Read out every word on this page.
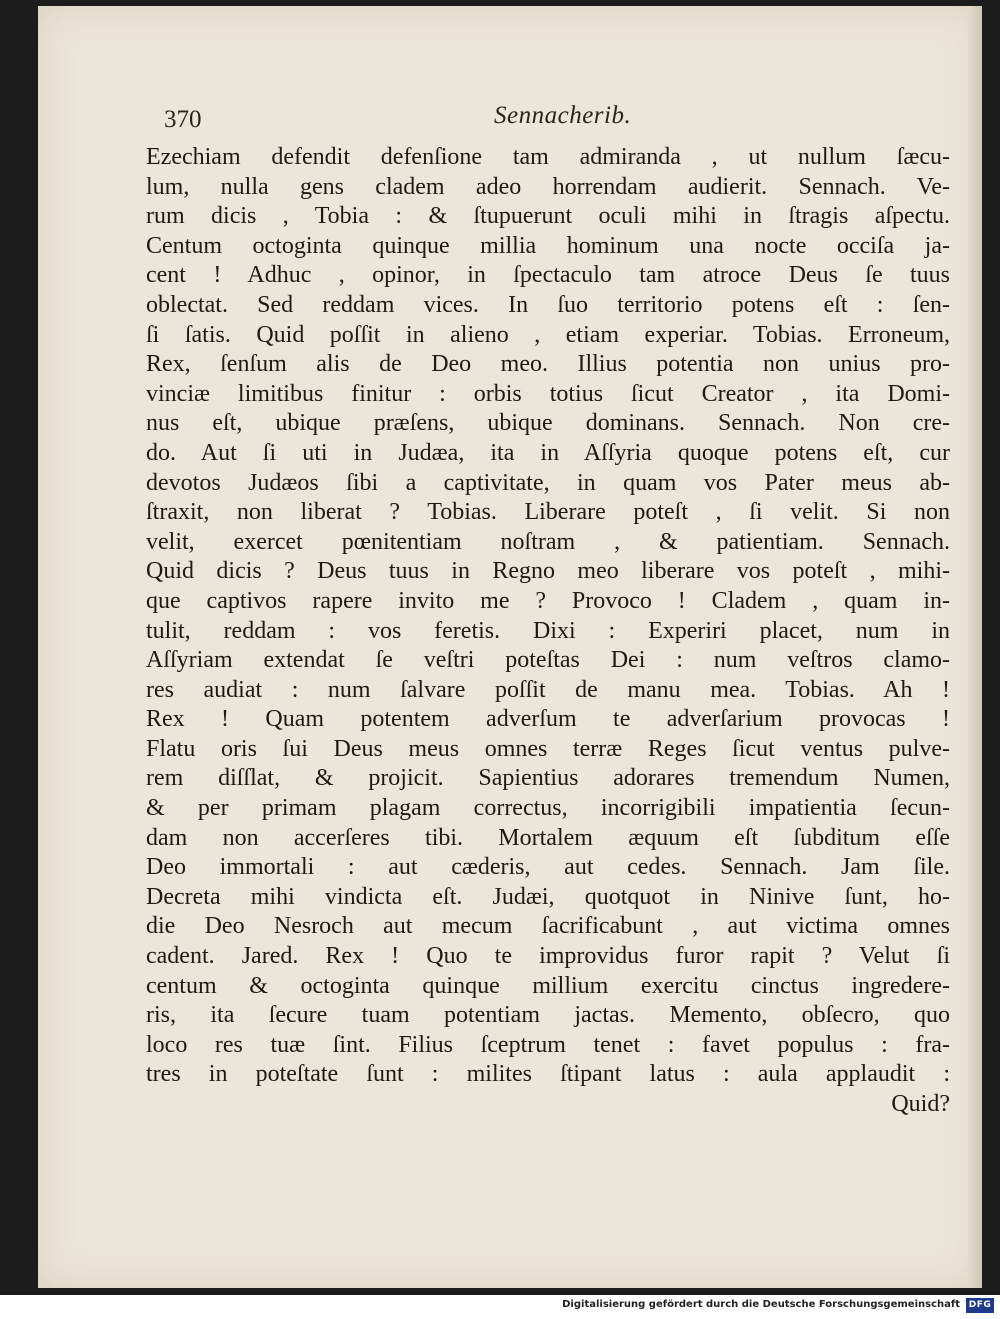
370	Sennacherib.
Ezechiam defendit defenſione tam admiranda , ut nullum ſæcu-
lum, nulla gens cladem adeo horrendam audierit. Sennach. Ve-
rum dicis , Tobia : & ſtupuerunt oculi mihi in ſtragis aſpectu.
Centum octoginta quinque millia hominum una nocte occiſa ja-
cent ! Adhuc , opinor, in ſpectaculo tam atroce Deus ſe tuus
oblectat. Sed reddam vices. In ſuo territorio potens eſt : ſen-
ſi ſatis. Quid poſſit in alieno , etiam experiar. Tobias. Erroneum,
Rex, ſenſum alis de Deo meo. Illius potentia non unius pro-
vinciæ limitibus finitur : orbis totius ſicut Creator , ita Domi-
nus eſt, ubique præſens, ubique dominans. Sennach. Non cre-
do. Aut ſi uti in Judæa, ita in Aſſyria quoque potens eſt, cur
devotos Judæos ſibi a captivitate, in quam vos Pater meus ab-
ſtraxit, non liberat ? Tobias. Liberare poteſt , ſi velit. Si non
velit, exercet pœnitentiam noſtram , & patientiam. Sennach.
Quid dicis ? Deus tuus in Regno meo liberare vos poteſt , mihi-
que captivos rapere invito me ? Provoco ! Cladem , quam in-
tulit, reddam : vos feretis. Dixi : Experiri placet, num in
Aſſyriam extendat ſe veſtri poteſtas Dei : num veſtros clamo-
res audiat : num ſalvare poſſit de manu mea. Tobias. Ah !
Rex ! Quam potentem adverſum te adverſarium provocas !
Flatu oris ſui Deus meus omnes terræ Reges ſicut ventus pulve-
rem diſſlat, & projicit. Sapientius adorares tremendum Numen,
& per primam plagam correctus, incorrigibili impatientia ſecun-
dam non accerſeres tibi. Mortalem æquum eſt ſubditum eſſe
Deo immortali : aut cæderis, aut cedes. Sennach. Jam ſile.
Decreta mihi vindicta eſt. Judæi, quotquot in Ninive ſunt, ho-
die Deo Nesroch aut mecum ſacrificabunt , aut victima omnes
cadent. Jared. Rex ! Quo te improvidus furor rapit ? Velut ſi
centum & octoginta quinque millium exercitu cinctus ingredere-
ris, ita ſecure tuam potentiam jactas. Memento, obſecro, quo
loco res tuæ ſint. Filius ſceptrum tenet : favet populus : fra-
tres in poteſtate ſunt : milites ſtipant latus : aula applaudit :
Quid?
Digitalisierung gefördert durch die Deutsche Forschungsgemeinschaft DFG
